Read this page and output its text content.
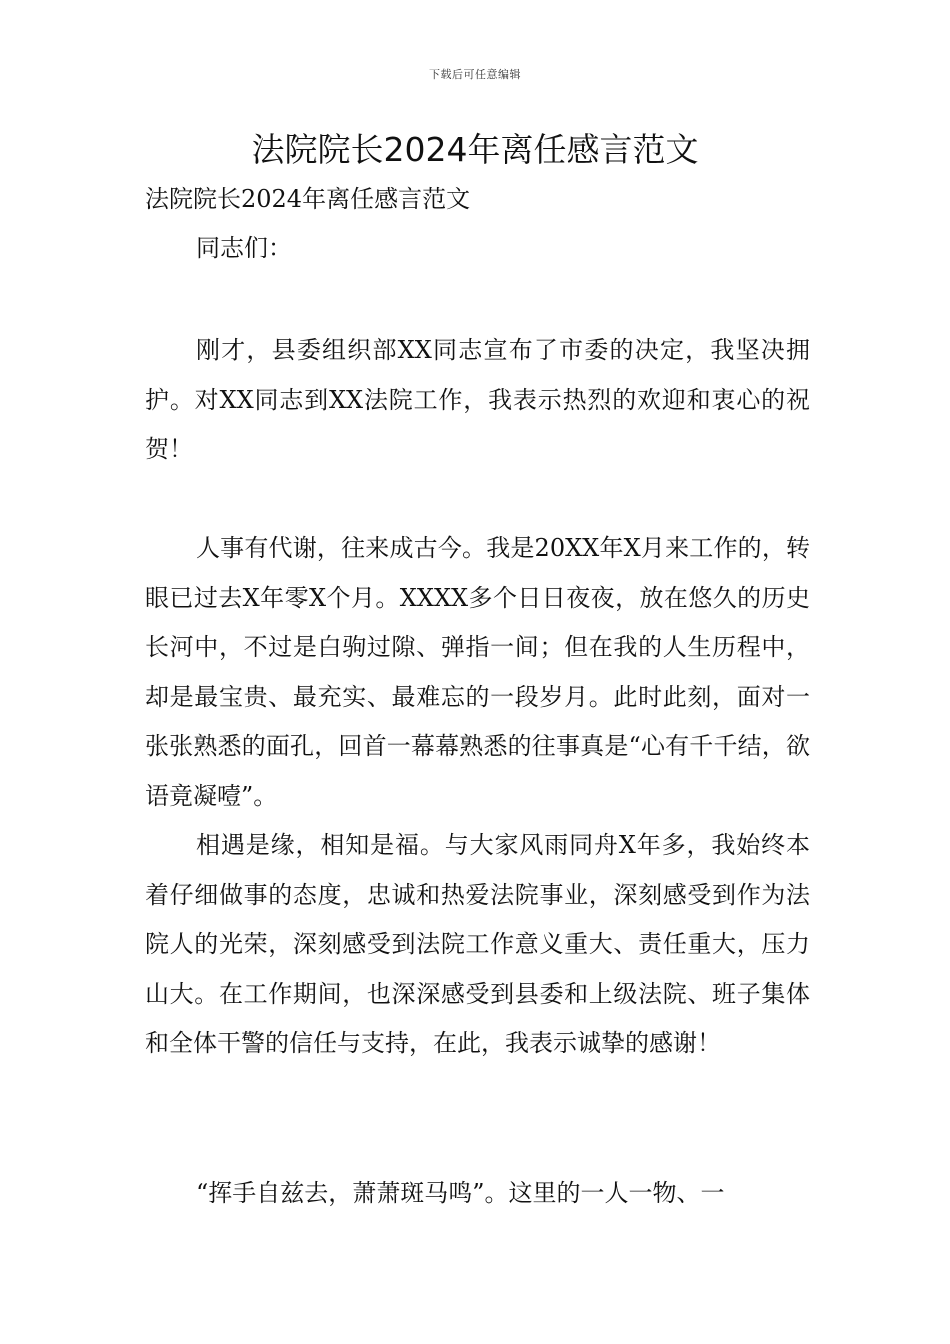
下载后可任意编辑
法院院长2024年离任感言范文
法院院长2024年离任感言范文
同志们：

刚才，县委组织部XX同志宣布了市委的决定，我坚决拥护。对XX同志到XX法院工作，我表示热烈的欢迎和衷心的祝贺！

人事有代谢，往来成古今。我是20XX年X月来工作的，转眼已过去X年零X个月。XXXX多个日日夜夜，放在悠久的历史长河中，不过是白驹过隙、弹指一间；但在我的人生历程中，却是最宝贵、最充实、最难忘的一段岁月。此时此刻，面对一张张熟悉的面孔，回首一幕幕熟悉的往事真是“心有千千结，欲语竟凝噎”。

相遇是缘，相知是福。与大家风雨同舟X年多，我始终本着仔细做事的态度，忠诚和热爱法院事业，深刻感受到作为法院人的光荣，深刻感受到法院工作意义重大、责任重大，压力山大。在工作期间，也深深感受到县委和上级法院、班子集体和全体干警的信任与支持，在此，我表示诚挚的感谢！

“挥手自兹去，萧萧斑马鸣”。这里的一人一物、一
